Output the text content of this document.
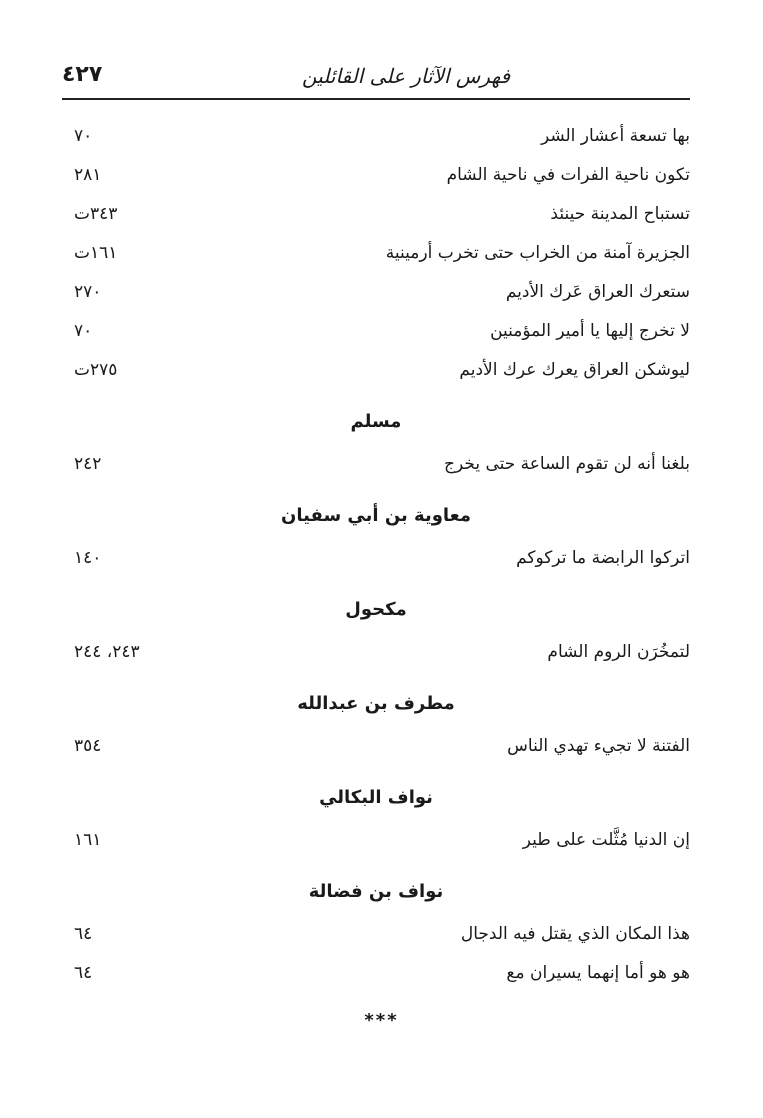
٤٢٧	فهرس الآثار على القائلين
بها تسعة أعشار الشر
٧٠
تكون ناحية الفرات في ناحية الشام
٢٨١
تستباح المدينة حينئذ
٣٤٣ت
الجزيرة آمنة من الخراب حتى تخرب أرمينية
١٦١ت
ستعرك العراق عَرك الأديم
٢٧٠
لا تخرج إليها يا أمير المؤمنين
٧٠
ليوشكن العراق يعرك عرك الأديم
٢٧٥ت
مسلم
بلغنا أنه لن تقوم الساعة حتى يخرج
٢٤٢
معاوية بن أبي سفيان
اتركوا الرابضة ما تركوكم
١٤٠
مكحول
لتمخُرَن الروم الشام
٢٤٣، ٢٤٤
مطرف بن عبدالله
الفتنة لا تجيء تهدي الناس
٣٥٤
نواف البكالي
إن الدنيا مُثَّلت على طير
١٦١
نواف بن فضالة
هذا المكان الذي يقتل فيه الدجال
٦٤
هو هو أما إنهما يسيران مع
٦٤
***
